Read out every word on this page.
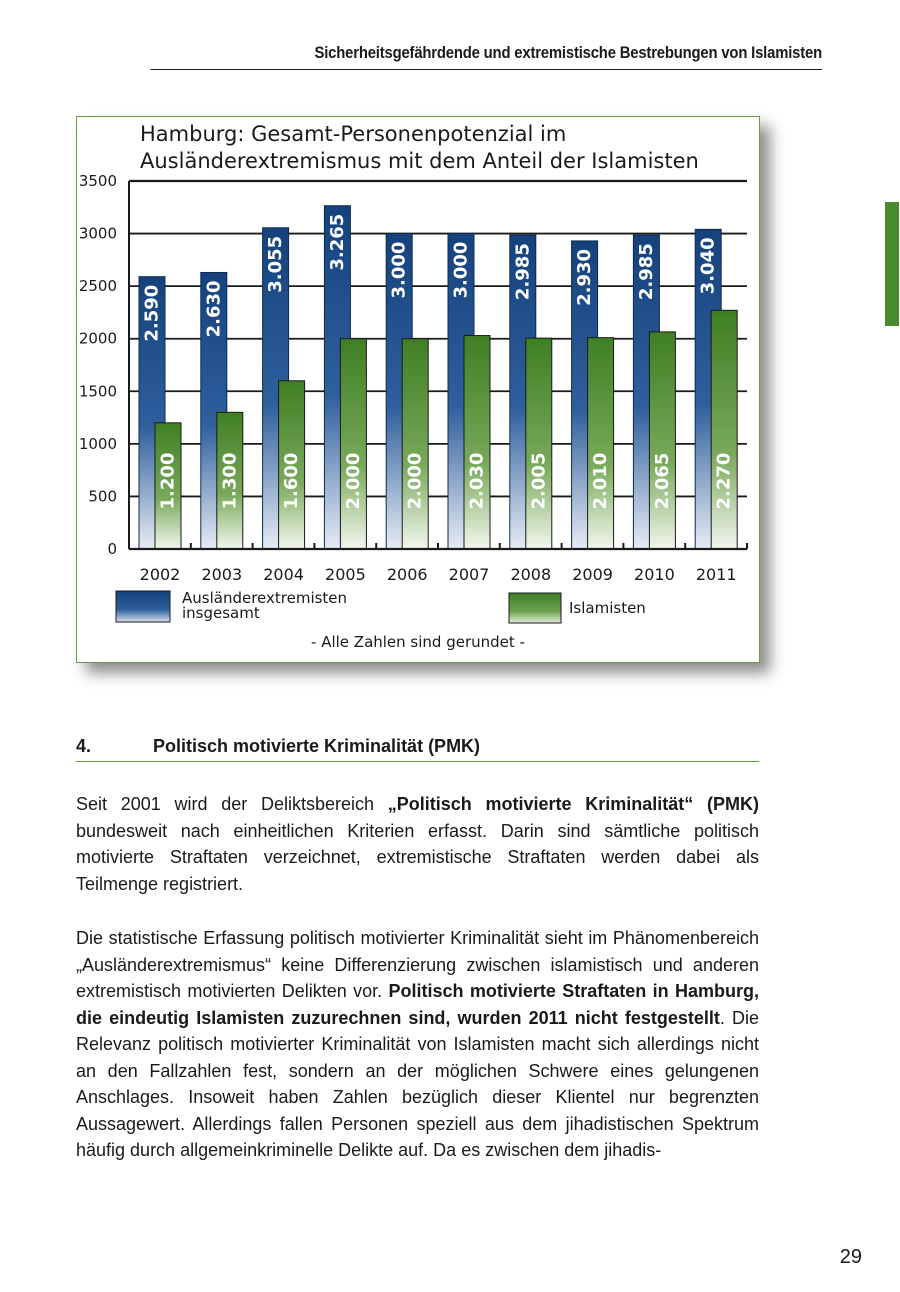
Sicherheitsgefährdende und extremistische Bestrebungen von Islamisten
Hamburg: Gesamt-Personenpotenzial im
Ausländerextremismus mit dem Anteil der Islamisten
0
500
1000
1500
2000
2500
3000
3500
2.590
1.200
2.630
1.300
3.055
1.600
3.265
2.000
3.000
2.000
3.000
2.030
2.985
2.005
2.930
2.010
2.985
2.065
3.040
2.270
2002 2003 2004 2005 2006 2007 2008 2009 2010 2011
Ausländerextremisten
insgesamt	Islamisten
- Alle Zahlen sind gerundet -
4.	Politisch motivierte Kriminalität (PMK)

Seit 2001 wird der Deliktsbereich „Politisch motivierte Kriminalität“ (PMK) bundesweit nach einheitlichen Kriterien erfasst. Darin sind sämtliche politisch motivierte Straftaten verzeichnet, extremistische Straftaten werden dabei als Teilmenge registriert.

Die statistische Erfassung politisch motivierter Kriminalität sieht im Phänomenbereich „Ausländerextremismus“ keine Differenzierung zwischen islamistisch und anderen extremistisch motivierten Delikten vor. Politisch motivierte Straftaten in Hamburg, die eindeutig Islamisten zuzurechnen sind, wurden 2011 nicht festgestellt. Die Relevanz politisch motivierter Kriminalität von Islamisten macht sich allerdings nicht an den Fallzahlen fest, sondern an der möglichen Schwere eines gelungenen Anschlages. Insoweit haben Zahlen bezüglich dieser Klientel nur begrenzten Aussagewert. Allerdings fallen Personen speziell aus dem jihadistischen Spektrum häufig durch allgemeinkriminelle Delikte auf. Da es zwischen dem jihadis-

29
